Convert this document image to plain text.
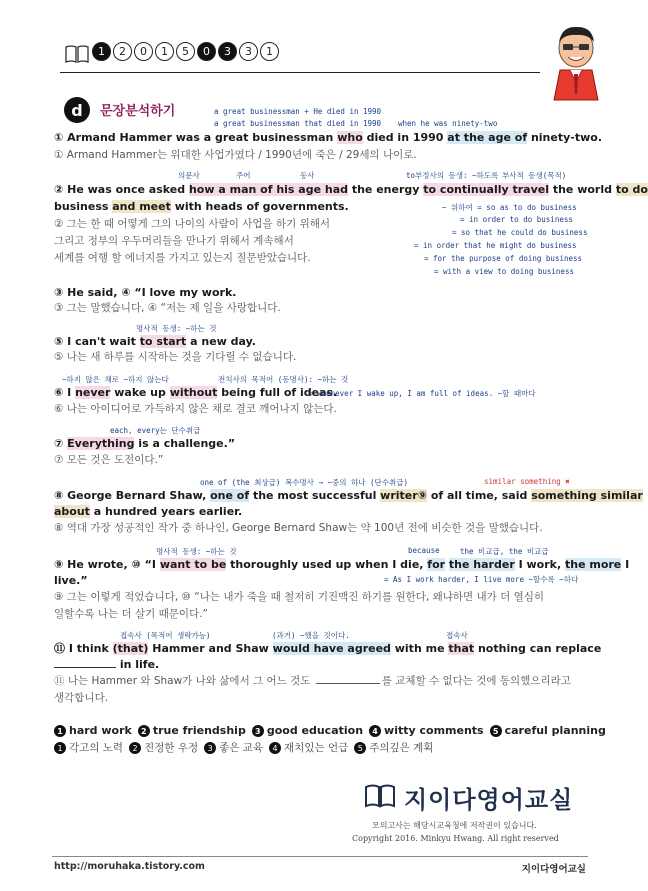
1	2	0	1	5	0	3	3	1
d	문장분석하기	a great businessman + He died in 1990
a great businessman that died in 1990 when he was ninety-two
① Armand Hammer was a great businessman who died in 1990 at the age of ninety-two.
① Armand Hammer는 위대한 사업가였다 / 1990년에 죽은 / 29세의 나이로.
의문사	주어	동사	to부정사의 동생: ~하도록 부사적 동생(목적)
② He was once asked how a man of his age had the energy to continually travel the world to do
business and meet with heads of governments.
② 그는 한 때 어떻게 그의 나이의 사람이 사업을 하기 위해서
그리고 정부의 우두머리들을 만나기 위해서 계속해서
세계를 여행 할 에너지를 가지고 있는지 질문받았습니다.
~ 위하여 = so as to do business
= in order to do business
= so that he could do business
= in order that he might do business
= for the purpose of doing business
= with a view to doing business
③ He said, ④ “I love my work.
③ 그는 말했습니다, ④ “저는 제 일을 사랑합니다.
명사적 동생: ~하는 것
⑤ I can't wait to start a new day.
⑤ 나는 새 하루를 시작하는 것을 기다릴 수 없습니다.
~하지 않은 채로 ~하지 않는다	전치사의 목적어 (동명사): ~하는 것
⑥ I never wake up without being full of ideas.
= whenever I wake up, I am full of ideas. ~할 때마다
⑥ 나는 아이디어로 가득하지 않은 채로 결코 깨어나지 않는다.
each, every는 단수취급
⑦ Everything is a challenge.”
⑦ 모든 것은 도전이다.”
one of (the 최상급) 복수명사 → ~중의 하나 (단수취급)	similar something ✖
⑧ George Bernard Shaw, one of the most successful writer⑨ of all time, said something similar
about a hundred years earlier.
⑧ 역대 가장 성공적인 작가 중 하나인, George Bernard Shaw는 약 100년 전에 비슷한 것을 말했습니다.
명사적 동생: ~하는 것	because	the 비교급, the 비교급
⑨ He wrote, ⑩ “I want to be thoroughly used up when I die, for the harder I work, the more I
live.”	= As I work harder, I live more ~할수록 ~하다
⑨ 그는 이렇게 적었습니다, ⑩ “나는 내가 죽을 때 철저히 기진맥진 하기를 원한다, 왜냐하면 내가 더 열심히
일할수록 나는 더 살기 때문이다.”
접속사 (목적어 생략가능)	(과거) ~했을 것이다.	접속사
⑪ I think (that) Hammer and Shaw would have agreed with me that nothing can replace
in life.
⑪ 나는 Hammer 와 Shaw가 나와 삶에서 그 어느 것도	를 교체할 수 없다는 것에 동의했으리라고
생각합니다.
1 hard work 2 true friendship 3 good education 4 witty comments 5 careful planning
1 각고의 노력 2 진정한 우정 3 좋은 교육 4 재치있는 언급 5 주의깊은 계획
지이다영어교실
모의고사는 해당시교육청에 저작권이 있습니다.
Copyright 2016. Minkyu Hwang. All right reserved
http://moruhaka.tistory.com	지이다영어교실
